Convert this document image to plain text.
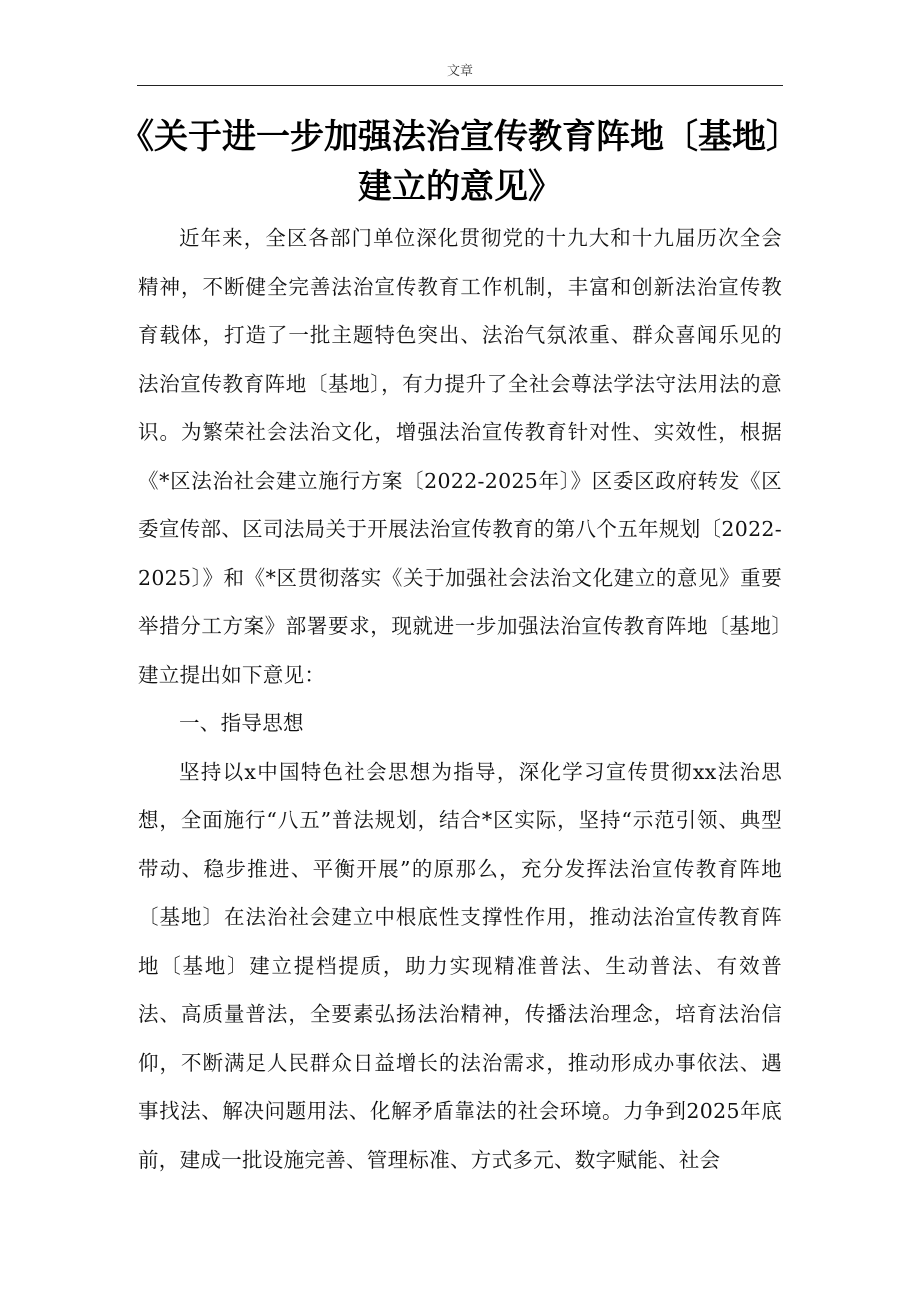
文章
《关于进一步加强法治宣传教育阵地〔基地〕
建立的意见》

近年来，全区各部门单位深化贯彻党的十九大和十九届历次全会精神，不断健全完善法治宣传教育工作机制，丰富和创新法治宣传教育载体，打造了一批主题特色突出、法治气氛浓重、群众喜闻乐见的法治宣传教育阵地〔基地〕，有力提升了全社会尊法学法守法用法的意识。为繁荣社会法治文化，增强法治宣传教育针对性、实效性，根据《*区法治社会建立施行方案〔2022-2025年〕》区委区政府转发《区委宣传部、区司法局关于开展法治宣传教育的第八个五年规划〔2022-2025〕》和《*区贯彻落实《关于加强社会法治文化建立的意见》重要举措分工方案》部署要求，现就进一步加强法治宣传教育阵地〔基地〕建立提出如下意见：

一、指导思想

坚持以x中国特色社会思想为指导，深化学习宣传贯彻xx法治思想，全面施行“八五”普法规划，结合*区实际，坚持“示范引领、典型带动、稳步推进、平衡开展”的原那么，充分发挥法治宣传教育阵地〔基地〕在法治社会建立中根底性支撑性作用，推动法治宣传教育阵地〔基地〕建立提档提质，助力实现精准普法、生动普法、有效普法、高质量普法，全要素弘扬法治精神，传播法治理念，培育法治信仰，不断满足人民群众日益增长的法治需求，推动形成办事依法、遇事找法、解决问题用法、化解矛盾靠法的社会环境。力争到2025年底前，建成一批设施完善、管理标准、方式多元、数字赋能、社会
